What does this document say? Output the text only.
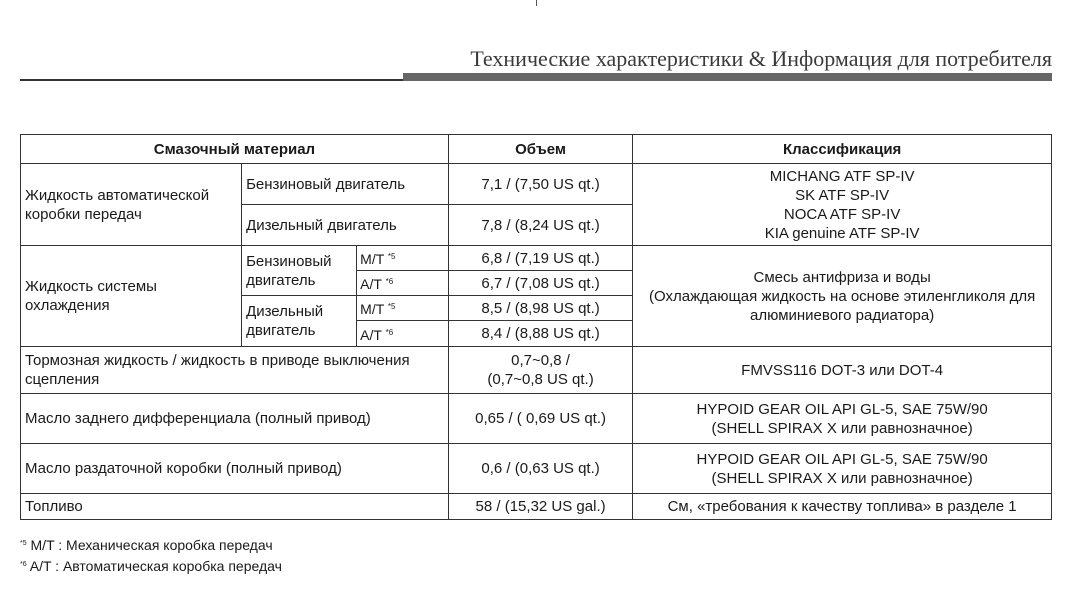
Технические характеристики & Информация для потребителя
Смазочный материал			Объем	Классификация
Жидкость автоматической коробки передач	Бензиновый двигатель		7,1 / (7,50 US qt.)	MICHANG ATF SP-IV
SK ATF SP-IV
NOCA ATF SP-IV
KIA genuine ATF SP-IV

	Дизельный двигатель		7,8 / (8,24 US qt.)	
Жидкость системы охлаждения	Бензиновый двигатель	M/T $^{*5}$	6,8 / (7,19 US qt.)	Смесь антифриза и воды
(Охлаждающая жидкость на основе этиленгликоля для
алюминиевого радиатора)

		A/T $^{*6}$	6,7 / (7,08 US qt.)	
	Дизельный двигатель	M/T $^{*5}$	8,5 / (8,98 US qt.)	
		A/T $^{*6}$	8,4 / (8,88 US qt.)	
Тормозная жидкость / жидкость в приводе выключения сцепления			0,7~0,8 /
(0,7~0,8 US qt.)	FMVSS116 DOT-3 или DOT-4
Масло заднего дифференциала (полный привод)			0,65 / ( 0,69 US qt.)	HYPOID GEAR OIL API GL-5, SAE 75W/90
(SHELL SPIRAX X или равнозначное)

Масло раздаточной коробки (полный привод)			0,6 / (0,63 US qt.)	HYPOID GEAR OIL API GL-5, SAE 75W/90
(SHELL SPIRAX X или равнозначное)

Топливо			58 / (15,32 US gal.)	См, «требования к качеству топлива» в разделе 1
$^{*5}$ M/T : Механическая коробка передач
$^{*6}$ A/T : Автоматическая коробка передач
